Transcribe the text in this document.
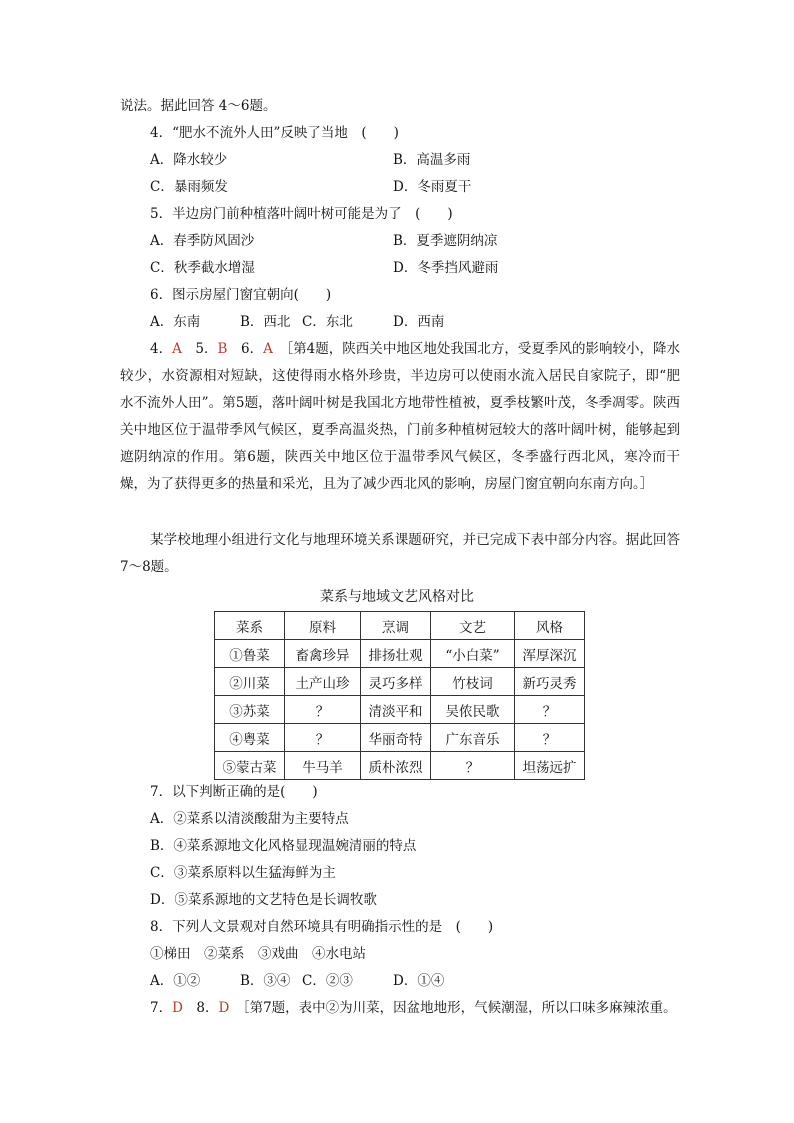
说法。据此回答 4～6题。
4．“肥水不流外人田”反映了当地　(　　)
A．降水较少	B．高温多雨
C．暴雨频发	D．冬雨夏干
5．半边房门前种植落叶阔叶树可能是为了　(　　)
A．春季防风固沙	B．夏季遮阴纳凉
C．秋季截水增湿	D．冬季挡风避雨
6．图示房屋门窗宜朝向(　　)
A．东南	B．西北 C．东北	D．西南
4．A　 5．B　 6．A　 ［第4题，陕西关中地区地处我国北方，受夏季风的影响较小，降水较少，水资源相对短缺，这使得雨水格外珍贵，半边房可以使雨水流入居民自家院子，即“肥水不流外人田”。第5题，落叶阔叶树是我国北方地带性植被，夏季枝繁叶茂，冬季凋零。陕西关中地区位于温带季风气候区，夏季高温炎热，门前多种植树冠较大的落叶阔叶树，能够起到遮阴纳凉的作用。第6题，陕西关中地区位于温带季风气候区，冬季盛行西北风，寒冷而干燥，为了获得更多的热量和采光，且为了减少西北风的影响，房屋门窗宜朝向东南方向。］
某学校地理小组进行文化与地理环境关系课题研究，并已完成下表中部分内容。据此回答 7～8题。
菜系与地域文艺风格对比
菜系	原料	烹调	文艺	风格
①鲁菜	畜禽珍异	排扬壮观	“小白菜”	浑厚深沉
②川菜	土产山珍	灵巧多样	竹枝词	新巧灵秀
③苏菜	？	清淡平和	吴侬民歌	？
④粤菜	？	华丽奇特	广东音乐	？
⑤蒙古菜	牛马羊	质朴浓烈	？	坦荡远扩
7．以下判断正确的是(　　)
A．②菜系以清淡酸甜为主要特点
B．④菜系源地文化风格显现温婉清丽的特点
C．③菜系原料以生猛海鲜为主
D．⑤菜系源地的文艺特色是长调牧歌
8．下列人文景观对自然环境具有明确指示性的是　(　　)
①梯田　②菜系　③戏曲　④水电站
A．①②	B．③④ C．②③	D．①④
7．D　 8．D　 ［第7题，表中②为川菜，因盆地地形，气候潮湿，所以口味多麻辣浓重。
